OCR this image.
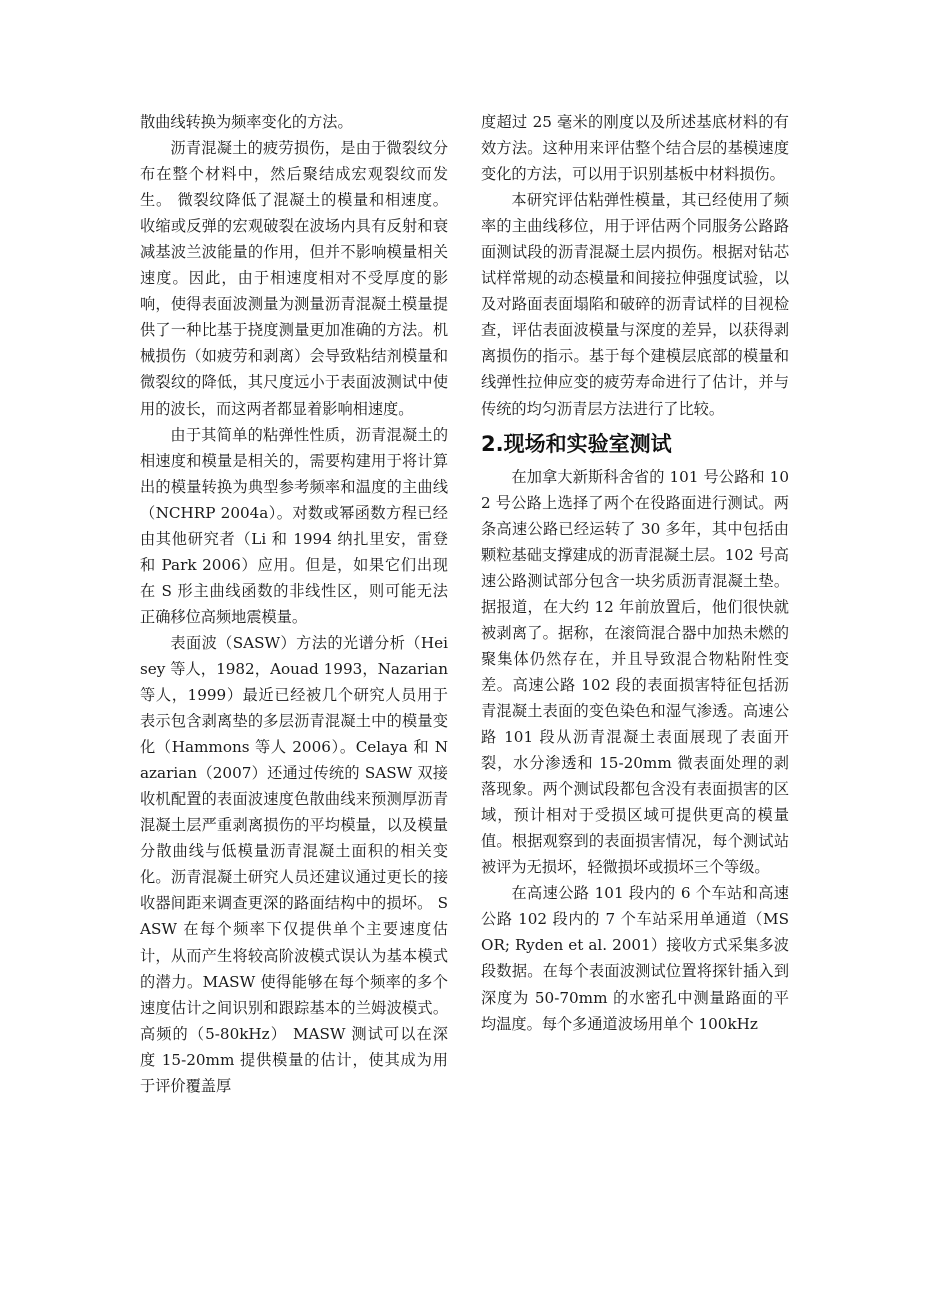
散曲线转换为频率变化的方法。

沥青混凝土的疲劳损伤，是由于微裂纹分布在整个材料中，然后聚结成宏观裂纹而发生。 微裂纹降低了混凝土的模量和相速度。收缩或反弹的宏观破裂在波场内具有反射和衰减基波兰波能量的作用，但并不影响模量相关速度。因此，由于相速度相对不受厚度的影响，使得表面波测量为测量沥青混凝土模量提供了一种比基于挠度测量更加准确的方法。机械损伤（如疲劳和剥离）会导致粘结剂模量和微裂纹的降低，其尺度远小于表面波测试中使用的波长，而这两者都显着影响相速度。

由于其简单的粘弹性性质，沥青混凝土的相速度和模量是相关的，需要构建用于将计算出的模量转换为典型参考频率和温度的主曲线（NCHRP 2004a）。对数或幂函数方程已经由其他研究者（Li 和 1994 纳扎里安，雷登和 Park 2006）应用。但是，如果它们出现在 S 形主曲线函数的非线性区，则可能无法正确移位高频地震模量。

表面波（SASW）方法的光谱分析（Heisey 等人，1982，Aouad 1993，Nazarian 等人，1999）最近已经被几个研究人员用于表示包含剥离垫的多层沥青混凝土中的模量变化（Hammons 等人 2006）。Celaya 和 Nazarian（2007）还通过传统的 SASW 双接收机配置的表面波速度色散曲线来预测厚沥青混凝土层严重剥离损伤的平均模量，以及模量分散曲线与低模量沥青混凝土面积的相关变化。沥青混凝土研究人员还建议通过更长的接收器间距来调查更深的路面结构中的损坏。 SASW 在每个频率下仅提供单个主要速度估计，从而产生将较高阶波模式误认为基本模式的潜力。MASW 使得能够在每个频率的多个速度估计之间识别和跟踪基本的兰姆波模式。高频的（5-80kHz） MASW 测试可以在深度 15-20mm 提供模量的估计，使其成为用于评价覆盖厚

度超过 25 毫米的刚度以及所述基底材料的有效方法。这种用来评估整个结合层的基模速度变化的方法，可以用于识别基板中材料损伤。

本研究评估粘弹性模量，其已经使用了频率的主曲线移位，用于评估两个同服务公路路面测试段的沥青混凝土层内损伤。根据对钻芯试样常规的动态模量和间接拉伸强度试验，以及对路面表面塌陷和破碎的沥青试样的目视检查，评估表面波模量与深度的差异，以获得剥离损伤的指示。基于每个建模层底部的模量和线弹性拉伸应变的疲劳寿命进行了估计，并与传统的均匀沥青层方法进行了比较。

2.现场和实验室测试

在加拿大新斯科舍省的 101 号公路和 102 号公路上选择了两个在役路面进行测试。两条高速公路已经运转了 30 多年，其中包括由颗粒基础支撑建成的沥青混凝土层。102 号高速公路测试部分包含一块劣质沥青混凝土垫。据报道，在大约 12 年前放置后，他们很快就被剥离了。据称，在滚筒混合器中加热未燃的聚集体仍然存在，并且导致混合物粘附性变差。高速公路 102 段的表面损害特征包括沥青混凝土表面的变色染色和湿气渗透。高速公路 101 段从沥青混凝土表面展现了表面开裂，水分渗透和 15-20mm 微表面处理的剥落现象。两个测试段都包含没有表面损害的区域，预计相对于受损区域可提供更高的模量值。根据观察到的表面损害情况，每个测试站被评为无损坏，轻微损坏或损坏三个等级。

在高速公路 101 段内的 6 个车站和高速公路 102 段内的 7 个车站采用单通道（MSOR; Ryden et al. 2001）接收方式采集多波段数据。在每个表面波测试位置将探针插入到深度为 50-70mm 的水密孔中测量路面的平均温度。每个多通道波场用单个 100kHz
